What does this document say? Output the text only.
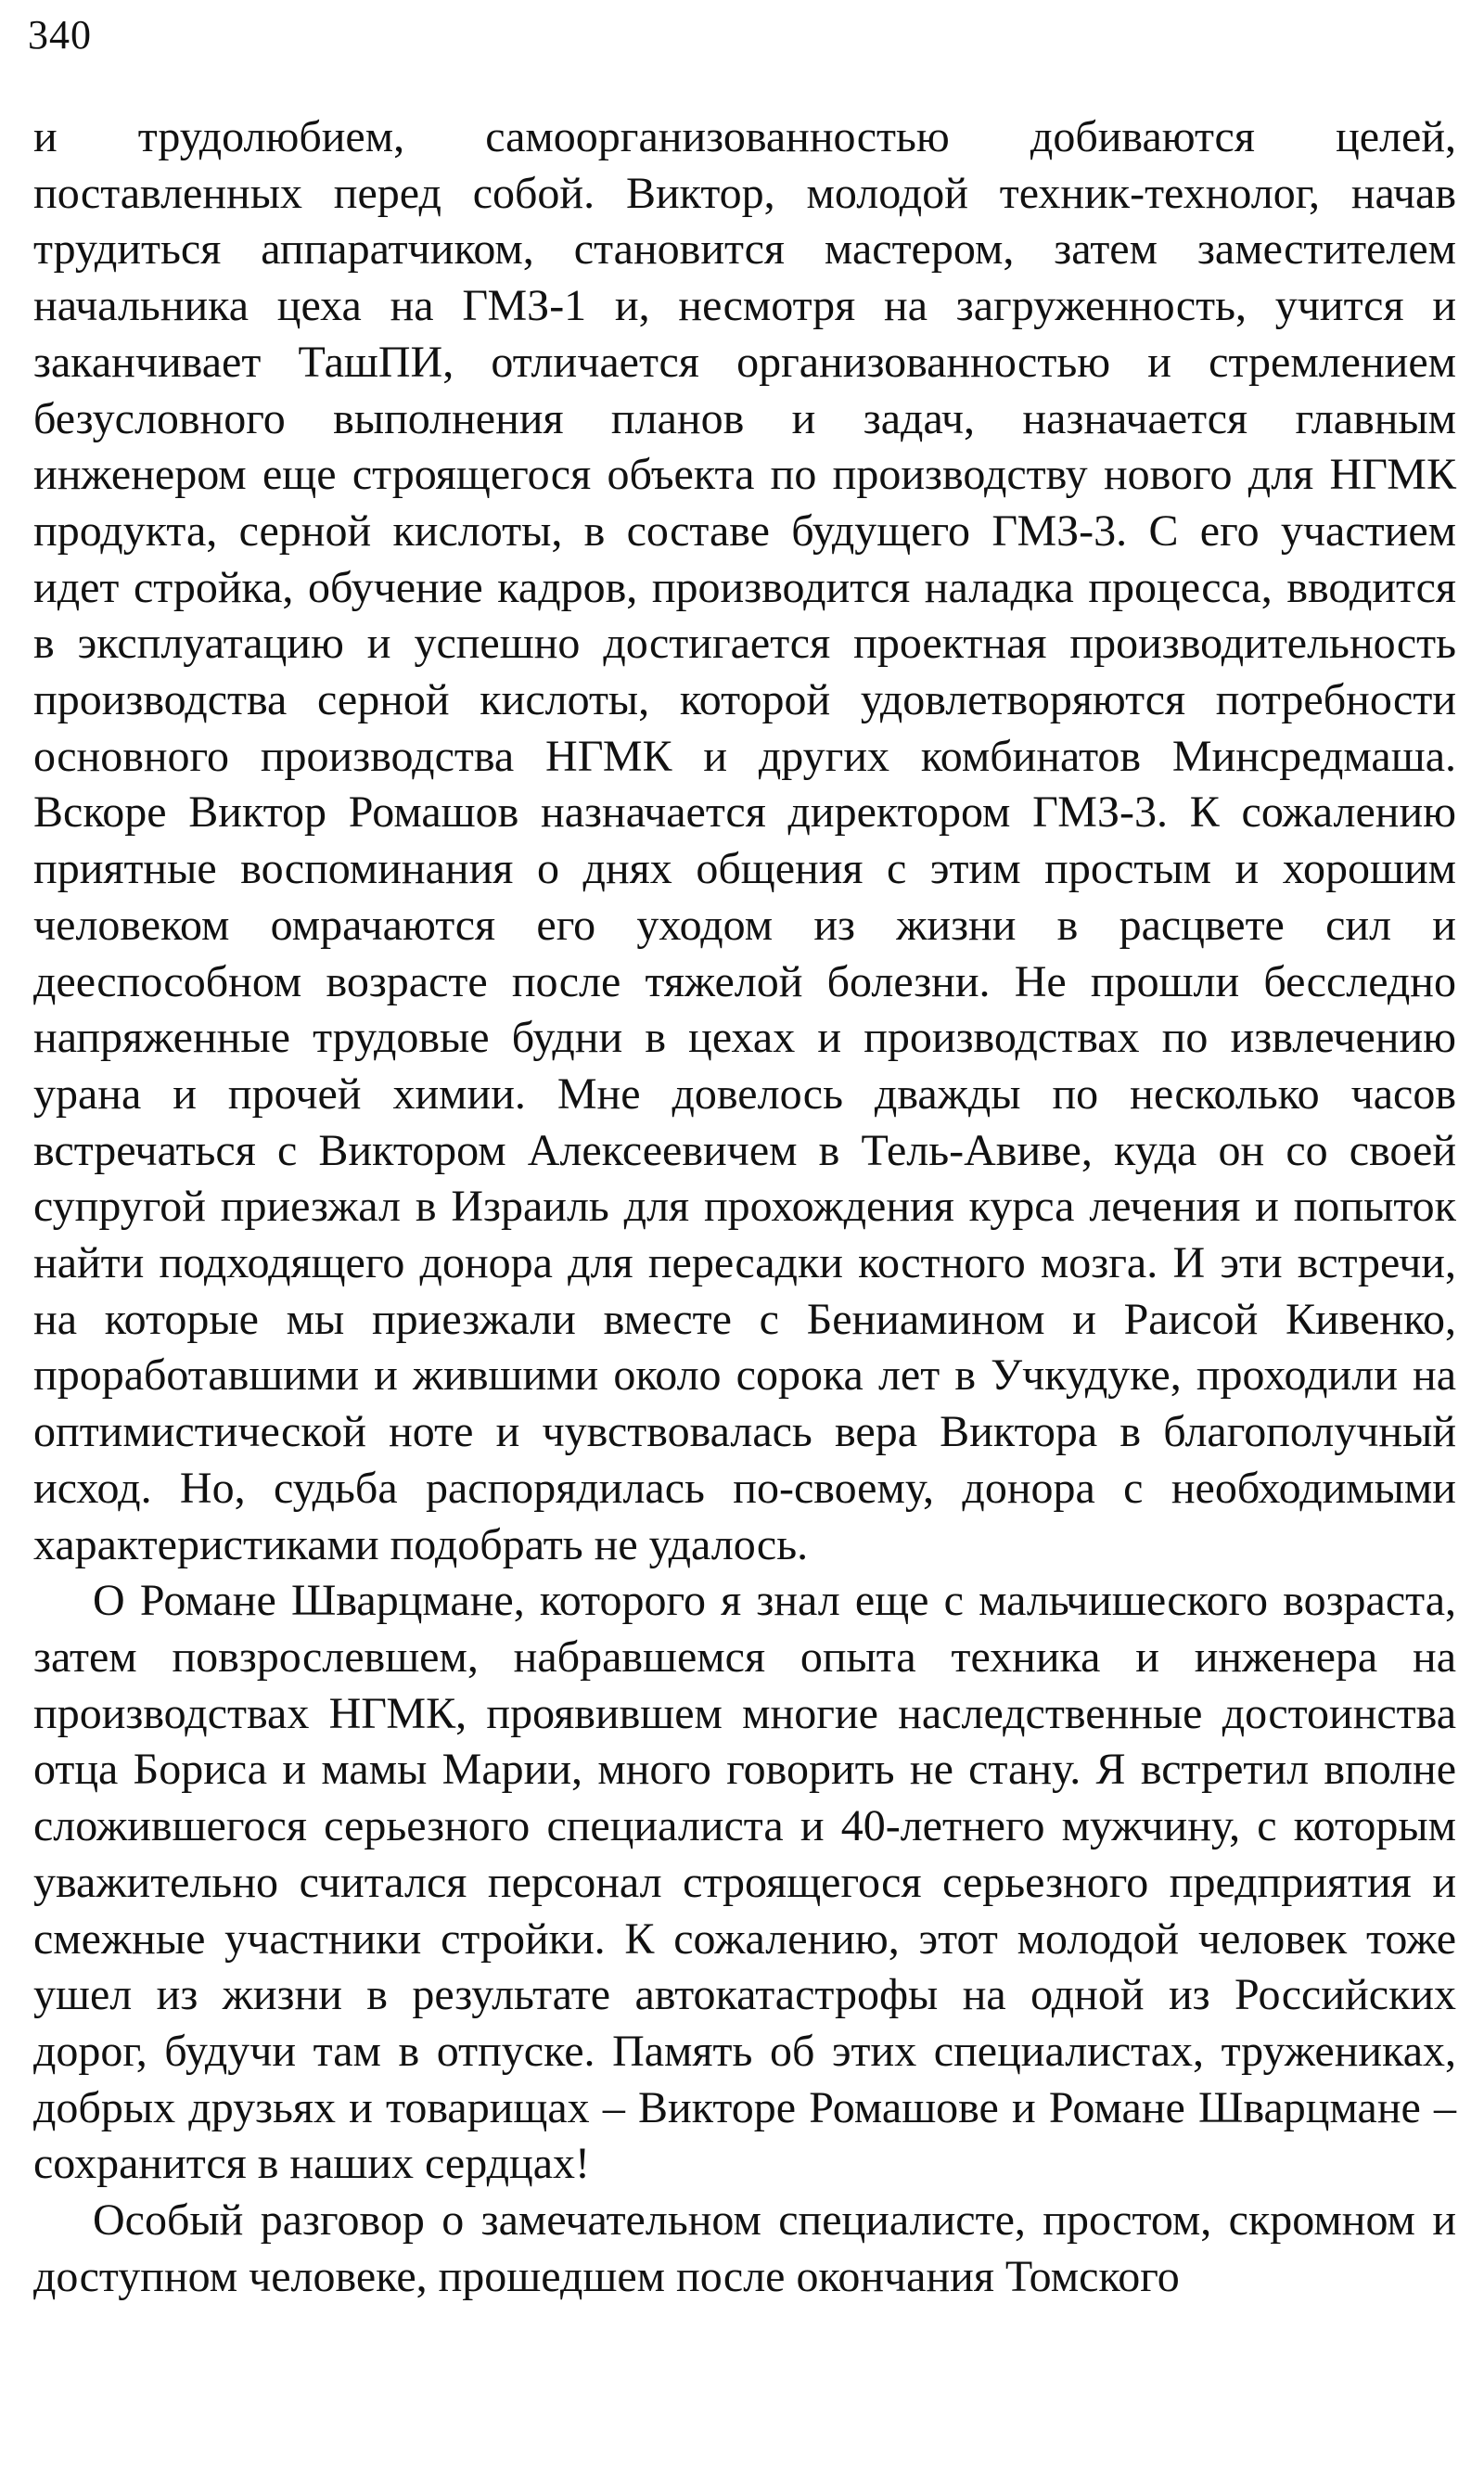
340

и трудолюбием, самоорганизованностью добиваются целей, поставленных перед собой. Виктор, молодой техник-технолог, начав трудиться аппаратчиком, становится мастером, затем заместителем начальника цеха на ГМЗ-1 и, несмотря на загруженность, учится и заканчивает ТашПИ, отличается организованностью и стремлением безусловного выполнения планов и задач, назначается главным инженером еще строящегося объекта по производству нового для НГМК продукта, серной кислоты, в составе будущего ГМЗ-3. С его участием идет стройка, обучение кадров, производится наладка процесса, вводится в эксплуатацию и успешно достигается проектная производительность производства серной кислоты, которой удовлетворяются потребности основного производства НГМК и других комбинатов Минсредмаша. Вскоре Виктор Ромашов назначается директором ГМЗ-3. К сожалению приятные воспоминания о днях общения с этим простым и хорошим человеком омрачаются его уходом из жизни в расцвете сил и дееспособном возрасте после тяжелой болезни. Не прошли бесследно напряженные трудовые будни в цехах и производствах по извлечению урана и прочей химии. Мне довелось дважды по несколько часов встречаться с Виктором Алексеевичем в Тель-Авиве, куда он со своей супругой приезжал в Израиль для прохождения курса лечения и попыток найти подходящего донора для пересадки костного мозга. И эти встречи, на которые мы приезжали вместе с Бениамином и Раисой Кивенко, проработавшими и жившими около сорока лет в Учкудуке, проходили на оптимистической ноте и чувствовалась вера Виктора в благополучный исход. Но, судьба распорядилась по-своему, донора с необходимыми характеристиками подобрать не удалось.

О Романе Шварцмане, которого я знал еще с мальчишеского возраста, затем повзрослевшем, набравшемся опыта техника и инженера на производствах НГМК, проявившем многие наследственные достоинства отца Бориса и мамы Марии, много говорить не стану. Я встретил вполне сложившегося серьезного специалиста и 40-летнего мужчину, с которым уважительно считался персонал строящегося серьезного предприятия и смежные участники стройки. К сожалению, этот молодой человек тоже ушел из жизни в результате автокатастрофы на одной из Российских дорог, будучи там в отпуске. Память об этих специалистах, тружениках, добрых друзьях и товарищах – Викторе Ромашове и Романе Шварцмане – сохранится в наших сердцах!

Особый разговор о замечательном специалисте, простом, скромном и доступном человеке, прошедшем после окончания Томского
